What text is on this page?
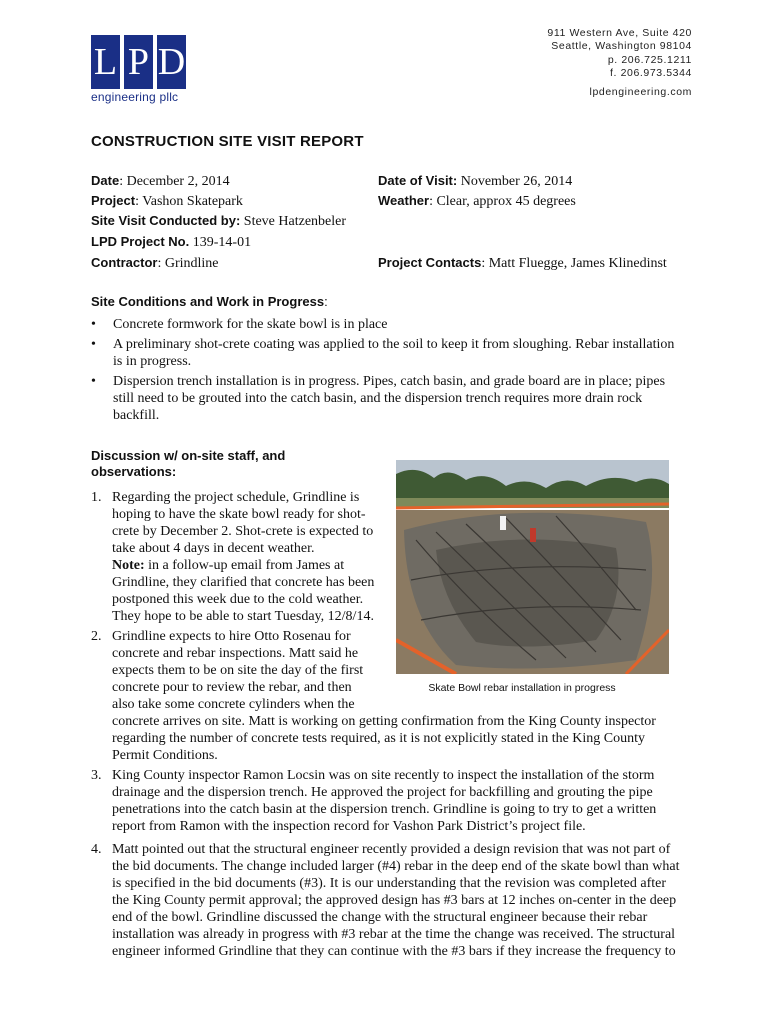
L P D
engineering pllc
911 Western Ave, Suite 420
Seattle, Washington 98104
p. 206.725.1211
f. 206.973.5344
lpdengineering.com
CONSTRUCTION SITE VISIT REPORT
Date: December 2, 2014	Date of Visit: November 26, 2014
Project: Vashon Skatepark	Weather: Clear, approx 45 degrees
Site Visit Conducted by: Steve Hatzenbeler
LPD Project No. 139-14-01
Contractor: Grindline	Project Contacts: Matt Fluegge, James Klinedinst
Site Conditions and Work in Progress:
• Concrete formwork for the skate bowl is in place
• A preliminary shot-crete coating was applied to the soil to keep it from sloughing. Rebar installation is in progress.
• Dispersion trench installation is in progress. Pipes, catch basin, and grade board are in place; pipes still need to be grouted into the catch basin, and the dispersion trench requires more drain rock backfill.
Discussion w/ on-site staff, and
observations:
1. Regarding the project schedule, Grindline is
hoping to have the skate bowl ready for shot-
crete by December 2. Shot-crete is expected to
take about 4 days in decent weather.
Note: in a follow-up email from James at
Grindline, they clarified that concrete has been
postponed this week due to the cold weather.
They hope to be able to start Tuesday, 12/8/14.
2. Grindline expects to hire Otto Rosenau for
concrete and rebar inspections. Matt said he
expects them to be on site the day of the first
concrete pour to review the rebar, and then
also take some concrete cylinders when the
concrete arrives on site. Matt is working on getting confirmation from the King County inspector
regarding the number of concrete tests required, as it is not explicitly stated in the King County
Permit Conditions.
3. King County inspector Ramon Locsin was on site recently to inspect the installation of the storm
drainage and the dispersion trench. He approved the project for backfilling and grouting the pipe
penetrations into the catch basin at the dispersion trench. Grindline is going to try to get a written
report from Ramon with the inspection record for Vashon Park District’s project file.
4. Matt pointed out that the structural engineer recently provided a design revision that was not part of
the bid documents. The change included larger (#4) rebar in the deep end of the skate bowl than what
is specified in the bid documents (#3). It is our understanding that the revision was completed after
the King County permit approval; the approved design has #3 bars at 12 inches on-center in the deep
end of the bowl. Grindline discussed the change with the structural engineer because their rebar
installation was already in progress with #3 rebar at the time the change was received. The structural
engineer informed Grindline that they can continue with the #3 bars if they increase the frequency to
Skate Bowl rebar installation in progress
